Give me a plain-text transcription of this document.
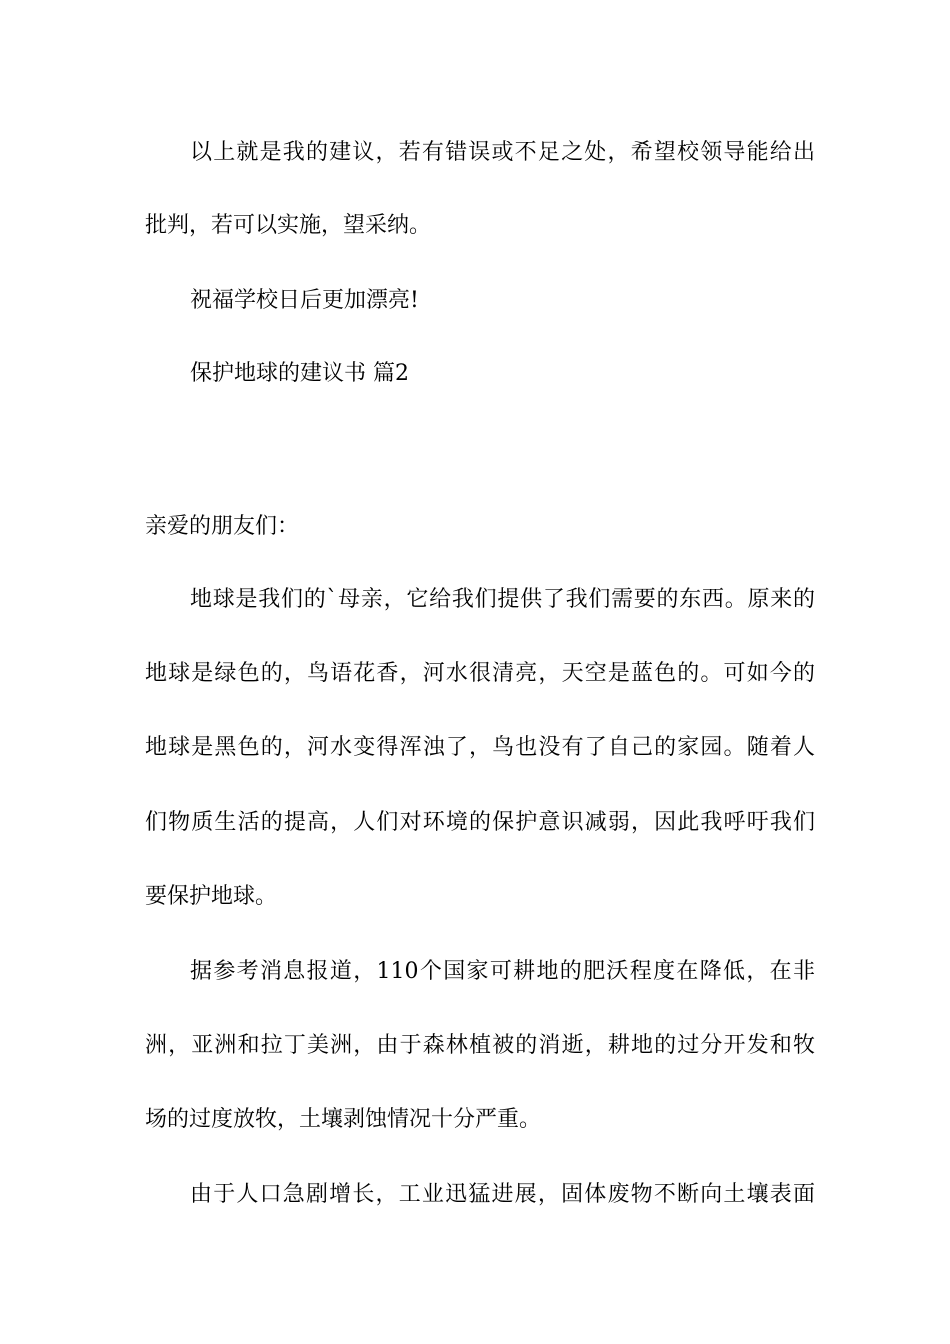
以上就是我的建议，若有错误或不足之处，希望校领导能给出
批判，若可以实施，望采纳。
祝福学校日后更加漂亮!
保护地球的建议书 篇2
亲爱的朋友们：
地球是我们的`母亲，它给我们提供了我们需要的东西。原来的
地球是绿色的，鸟语花香，河水很清亮，天空是蓝色的。可如今的
地球是黑色的，河水变得浑浊了，鸟也没有了自己的家园。随着人
们物质生活的提高，人们对环境的保护意识减弱，因此我呼吁我们
要保护地球。
据参考消息报道，110个国家可耕地的肥沃程度在降低，在非
洲，亚洲和拉丁美洲，由于森林植被的消逝，耕地的过分开发和牧
场的过度放牧，土壤剥蚀情况十分严重。
由于人口急剧增长，工业迅猛进展，固体废物不断向土壤表面
